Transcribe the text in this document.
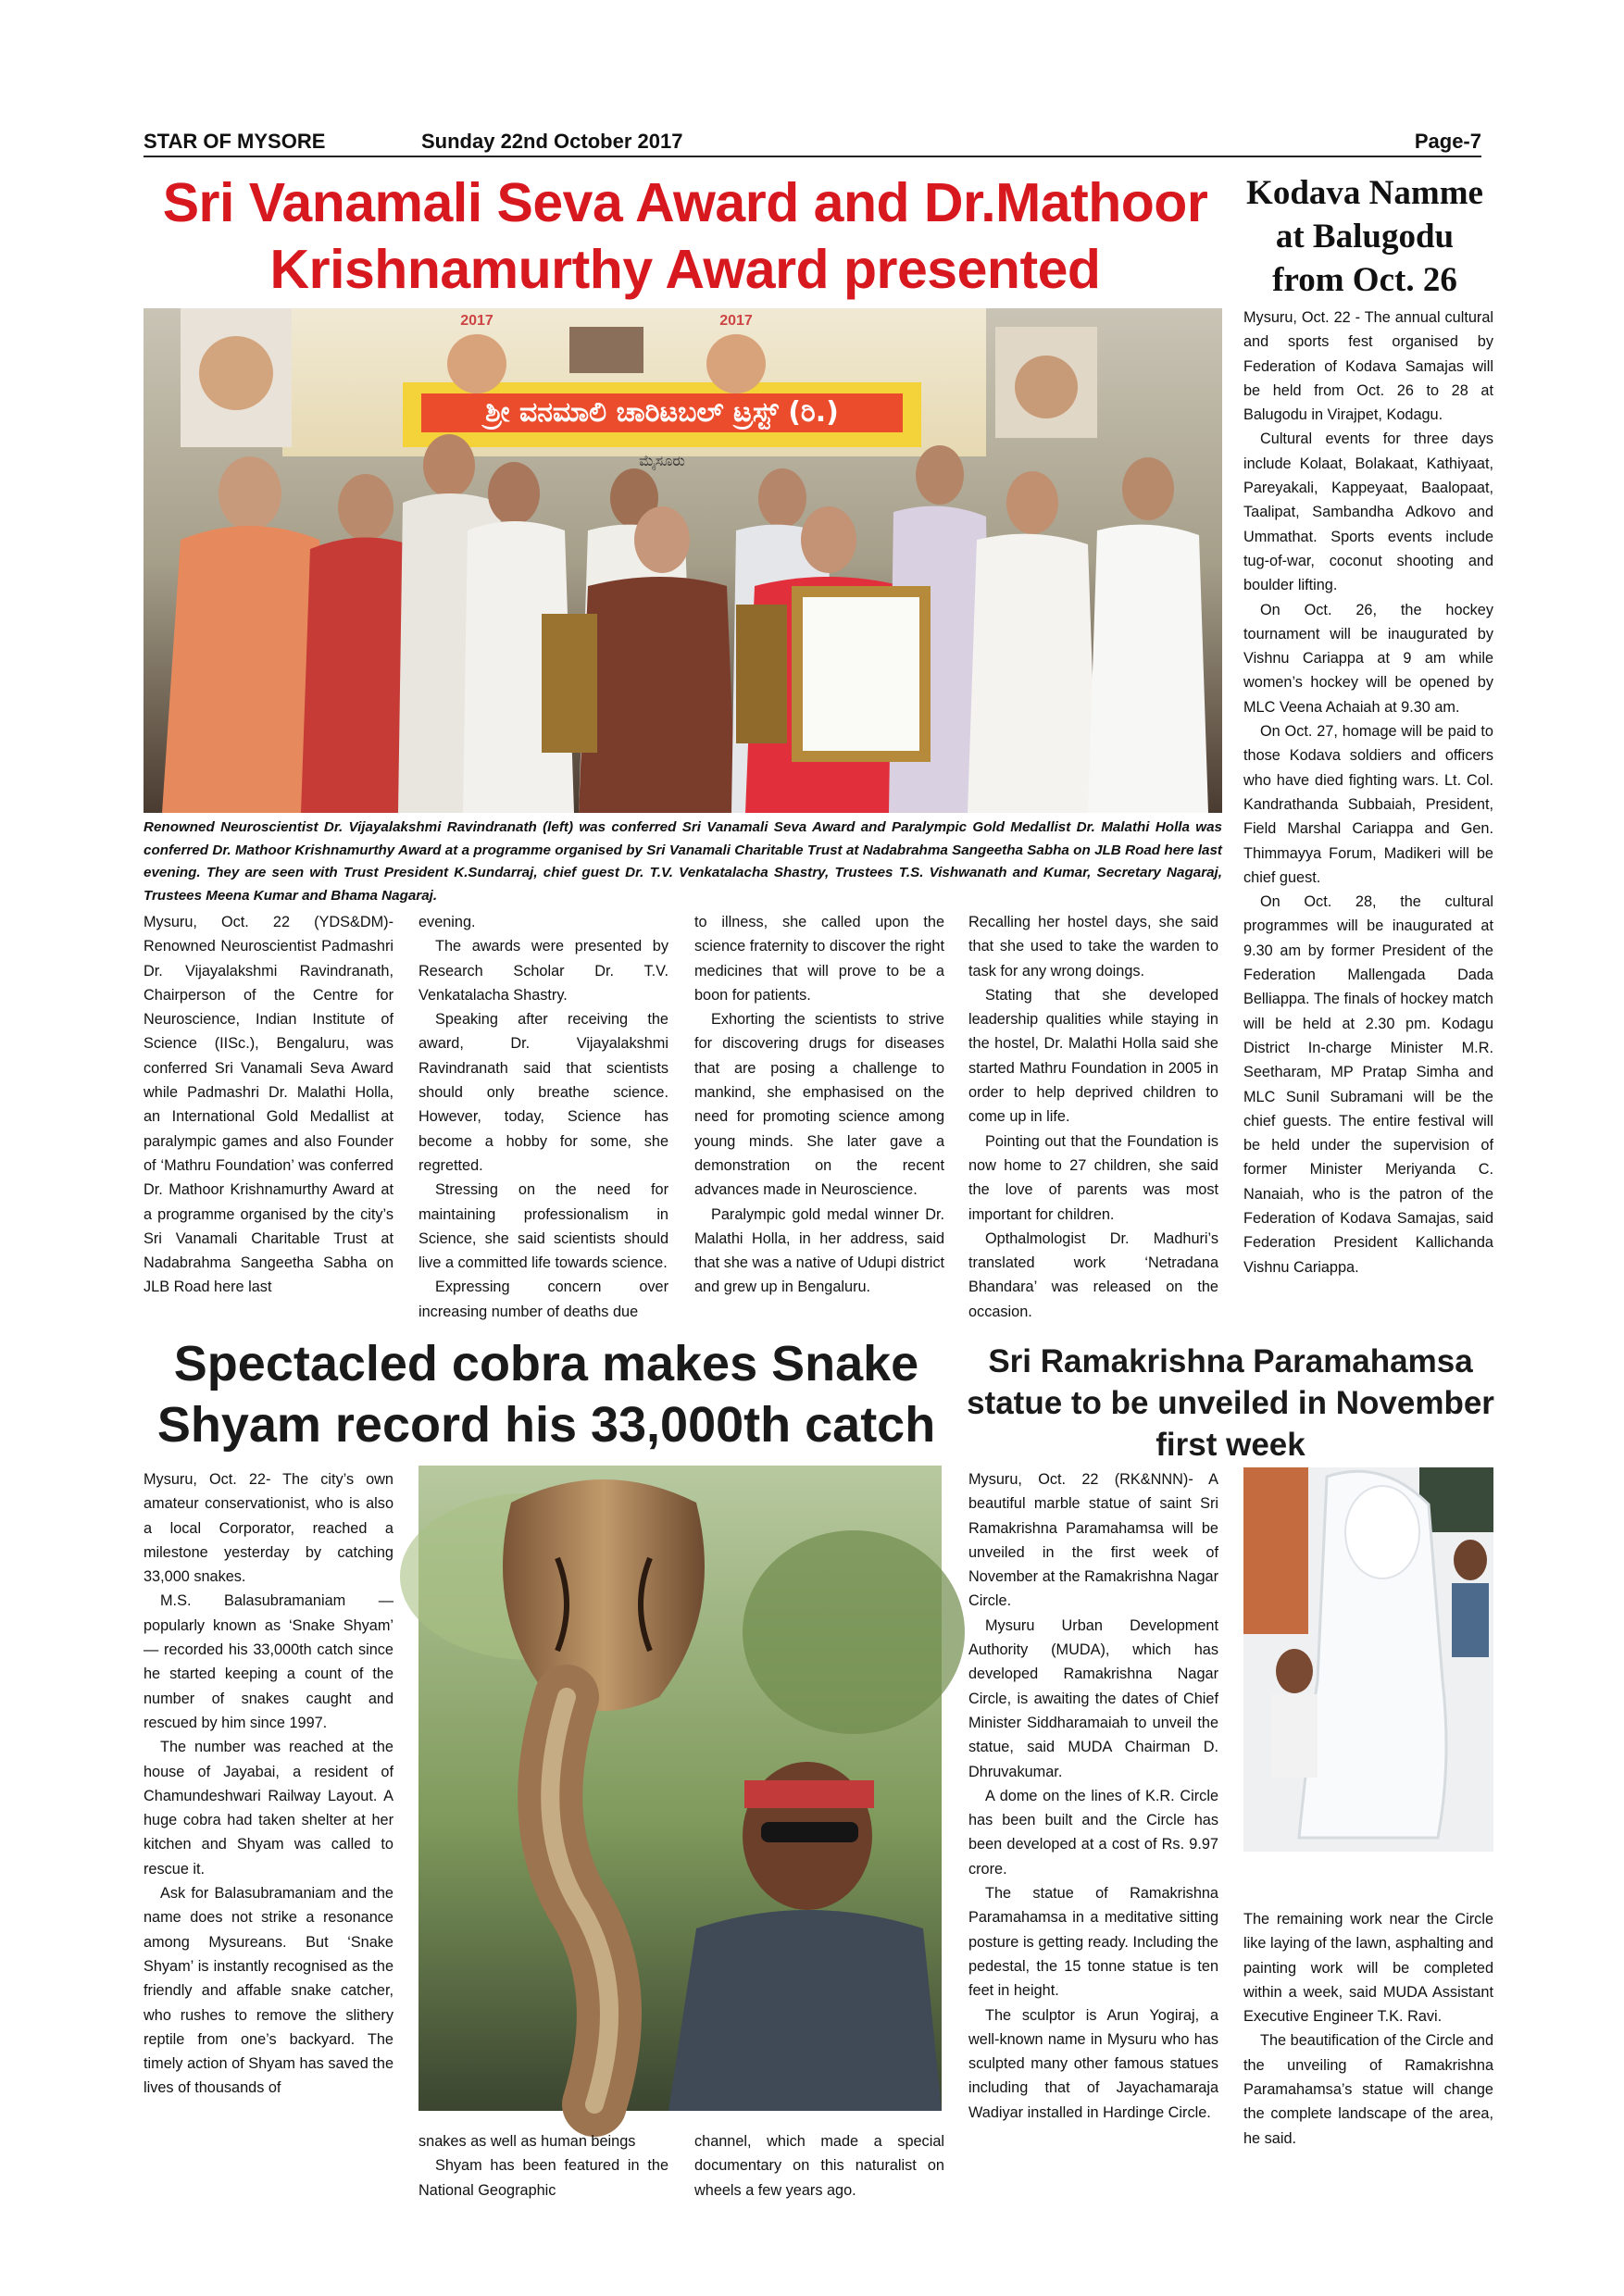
STAR OF MYSORE	Sunday 22nd October 2017	Page-7
Sri Vanamali Seva Award and Dr.Mathoor Krishnamurthy Award presented
ಶ್ರೀ ವನಮಾಲಿ ಚಾರಿಟಬಲ್ ಟ್ರಸ್ಟ್ (ರಿ.)
2017	2017
ಮೈಸೂರು
Renowned Neuroscientist Dr. Vijayalakshmi Ravindranath (left) was conferred Sri Vanamali Seva Award and Paralympic Gold Medallist Dr. Malathi Holla was conferred Dr. Mathoor Krishnamurthy Award at a programme organised by Sri Vanamali Charitable Trust at Nadabrahma Sangeetha Sabha on JLB Road here last evening. They are seen with Trust President K.Sundarraj, chief guest Dr. T.V. Venkatalacha Shastry, Trustees T.S. Vishwanath and Kumar, Secretary Nagaraj, Trustees Meena Kumar and Bhama Nagaraj.

Mysuru, Oct. 22 (YDS&DM)- Renowned Neuroscientist Padmashri Dr. Vijayalakshmi Ravindranath, Chairperson of the Centre for Neuroscience, Indian Institute of Science (IISc.), Bengaluru, was conferred Sri Vanamali Seva Award while Padmashri Dr. Malathi Holla, an International Gold Medallist at paralympic games and also Founder of ‘Mathru Foundation’ was conferred Dr. Mathoor Krishnamurthy Award at a programme organised by the city’s Sri Vanamali Charitable Trust at Nadabrahma Sangeetha Sabha on JLB Road here last

evening.

The awards were presented by Research Scholar Dr. T.V. Venkatalacha Shastry.

Speaking after receiving the award, Dr. Vijayalakshmi Ravindranath said that scientists should only breathe science. However, today, Science has become a hobby for some, she regretted.

Stressing on the need for maintaining professionalism in Science, she said scientists should live a committed life towards science.

Expressing concern over increasing number of deaths due

to illness, she called upon the science fraternity to discover the right medicines that will prove to be a boon for patients.

Exhorting the scientists to strive for discovering drugs for diseases that are posing a challenge to mankind, she emphasised on the need for promoting science among young minds. She later gave a demonstration on the recent advances made in Neuroscience.

Paralympic gold medal winner Dr. Malathi Holla, in her address, said that she was a native of Udupi district and grew up in Bengaluru.

Recalling her hostel days, she said that she used to take the warden to task for any wrong doings.

Stating that she developed leadership qualities while staying in the hostel, Dr. Malathi Holla said she started Mathru Foundation in 2005 in order to help deprived children to come up in life.

Pointing out that the Foundation is now home to 27 children, she said the love of parents was most important for children.

Opthalmologist Dr. Madhuri’s translated work ‘Netradana Bhandara’ was released on the occasion.

Kodava Namme at Balugodu from Oct. 26

Mysuru, Oct. 22 - The annual cultural and sports fest organised by Federation of Kodava Samajas will be held from Oct. 26 to 28 at Balugodu in Virajpet, Kodagu.

Cultural events for three days include Kolaat, Bolakaat, Kathiyaat, Pareyakali, Kappeyaat, Baalopaat, Taalipat, Sambandha Adkovo and Ummathat. Sports events include tug-of-war, coconut shooting and boulder lifting.

On Oct. 26, the hockey tournament will be inaugurated by Vishnu Cariappa at 9 am while women’s hockey will be opened by MLC Veena Achaiah at 9.30 am.

On Oct. 27, homage will be paid to those Kodava soldiers and officers who have died fighting wars. Lt. Col. Kandrathanda Subbaiah, President, Field Marshal Cariappa and Gen. Thimmayya Forum, Madikeri will be chief guest.

On Oct. 28, the cultural programmes will be inaugurated at 9.30 am by former President of the Federation Mallengada Dada Belliappa. The finals of hockey match will be held at 2.30 pm. Kodagu District In-charge Minister M.R. Seetharam, MP Pratap Simha and MLC Sunil Subramani will be the chief guests. The entire festival will be held under the supervision of former Minister Meriyanda C. Nanaiah, who is the patron of the Federation of Kodava Samajas, said Federation President Kallichanda Vishnu Cariappa.

Spectacled cobra makes Snake Shyam record his 33,000th catch

Mysuru, Oct. 22- The city’s own amateur conservationist, who is also a local Corporator, reached a milestone yesterday by catching 33,000 snakes.

M.S. Balasubramaniam — popularly known as ‘Snake Shyam’ — recorded his 33,000th catch since he started keeping a count of the number of snakes caught and rescued by him since 1997.

The number was reached at the house of Jayabai, a resident of Chamundeshwari Railway Layout. A huge cobra had taken shelter at her kitchen and Shyam was called to rescue it.

Ask for Balasubramaniam and the name does not strike a resonance among Mysureans. But ‘Snake Shyam’ is instantly recognised as the friendly and affable snake catcher, who rushes to remove the slithery reptile from one’s backyard. The timely action of Shyam has saved the lives of thousands of

snakes as well as human beings

Shyam has been featured in the National Geographic

channel, which made a special documentary on this naturalist on wheels a few years ago.

Sri Ramakrishna Paramahamsa statue to be unveiled in November first week

Mysuru, Oct. 22 (RK&NNN)- A beautiful marble statue of saint Sri Ramakrishna Paramahamsa will be unveiled in the first week of November at the Ramakrishna Nagar Circle.

Mysuru Urban Development Authority (MUDA), which has developed Ramakrishna Nagar Circle, is awaiting the dates of Chief Minister Siddharamaiah to unveil the statue, said MUDA Chairman D. Dhruvakumar.

A dome on the lines of K.R. Circle has been built and the Circle has been developed at a cost of Rs. 9.97 crore.

The statue of Ramakrishna Paramahamsa in a meditative sitting posture is getting ready. Including the pedestal, the 15 tonne statue is ten feet in height.

The sculptor is Arun Yogiraj, a well-known name in Mysuru who has sculpted many other famous statues including that of Jayachamaraja Wadiyar installed in Hardinge Circle.

The remaining work near the Circle like laying of the lawn, asphalting and painting work will be completed within a week, said MUDA Assistant Executive Engineer T.K. Ravi.

The beautification of the Circle and the unveiling of Ramakrishna Paramahamsa’s statue will change the complete landscape of the area, he said.
